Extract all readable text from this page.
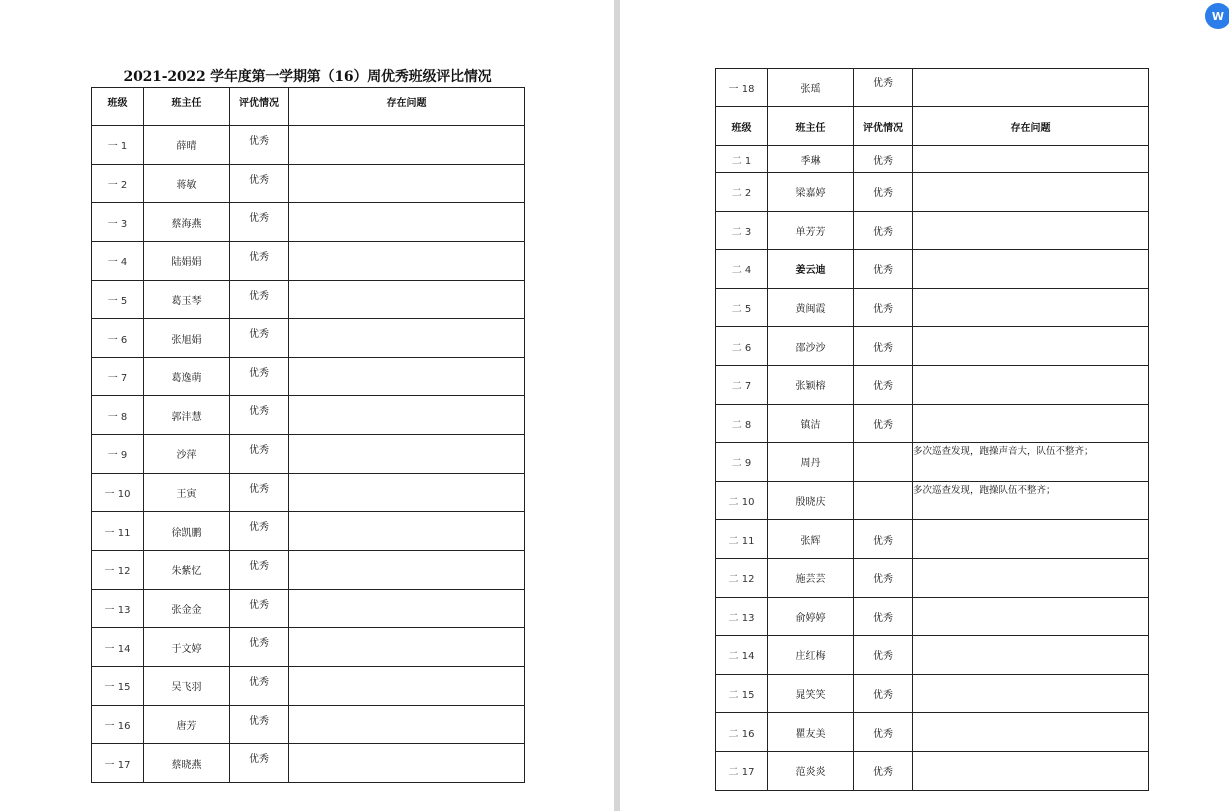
2021-2022 学年度第一学期第（16）周优秀班级评比情况
班级	班主任	评优情况	存在问题
一 1	薛晴	优秀	
一 2	蒋敏	优秀	
一 3	蔡海燕	优秀	
一 4	陆娟娟	优秀	
一 5	葛玉琴	优秀	
一 6	张旭娟	优秀	
一 7	葛逸萌	优秀	
一 8	郭沣慧	优秀	
一 9	沙萍	优秀	
一 10	王寅	优秀	
一 11	徐凯鹏	优秀	
一 12	朱紫忆	优秀	
一 13	张金金	优秀	
一 14	于文婷	优秀	
一 15	吴飞羽	优秀	
一 16	唐芳	优秀	
一 17	蔡晓燕	优秀	
一 18	张瑶	优秀	
班级	班主任	评优情况	存在问题
二 1	季琳	优秀	
二 2	梁嘉婷	优秀	
二 3	单芳芳	优秀	
二 4	姜云迪	优秀	
二 5	黄闽霞	优秀	
二 6	邵沙沙	优秀	
二 7	张颖榕	优秀	
二 8	镇洁	优秀	
二 9	周丹		多次巡查发现，跑操声音大，队伍不整齐；
二 10	殷晓庆		多次巡查发现，跑操队伍不整齐；
二 11	张辉	优秀	
二 12	施芸芸	优秀	
二 13	俞婷婷	优秀	
二 14	庄红梅	优秀	
二 15	晁笑笑	优秀	
二 16	瞿友美	优秀	
二 17	范炎炎	优秀	
W
